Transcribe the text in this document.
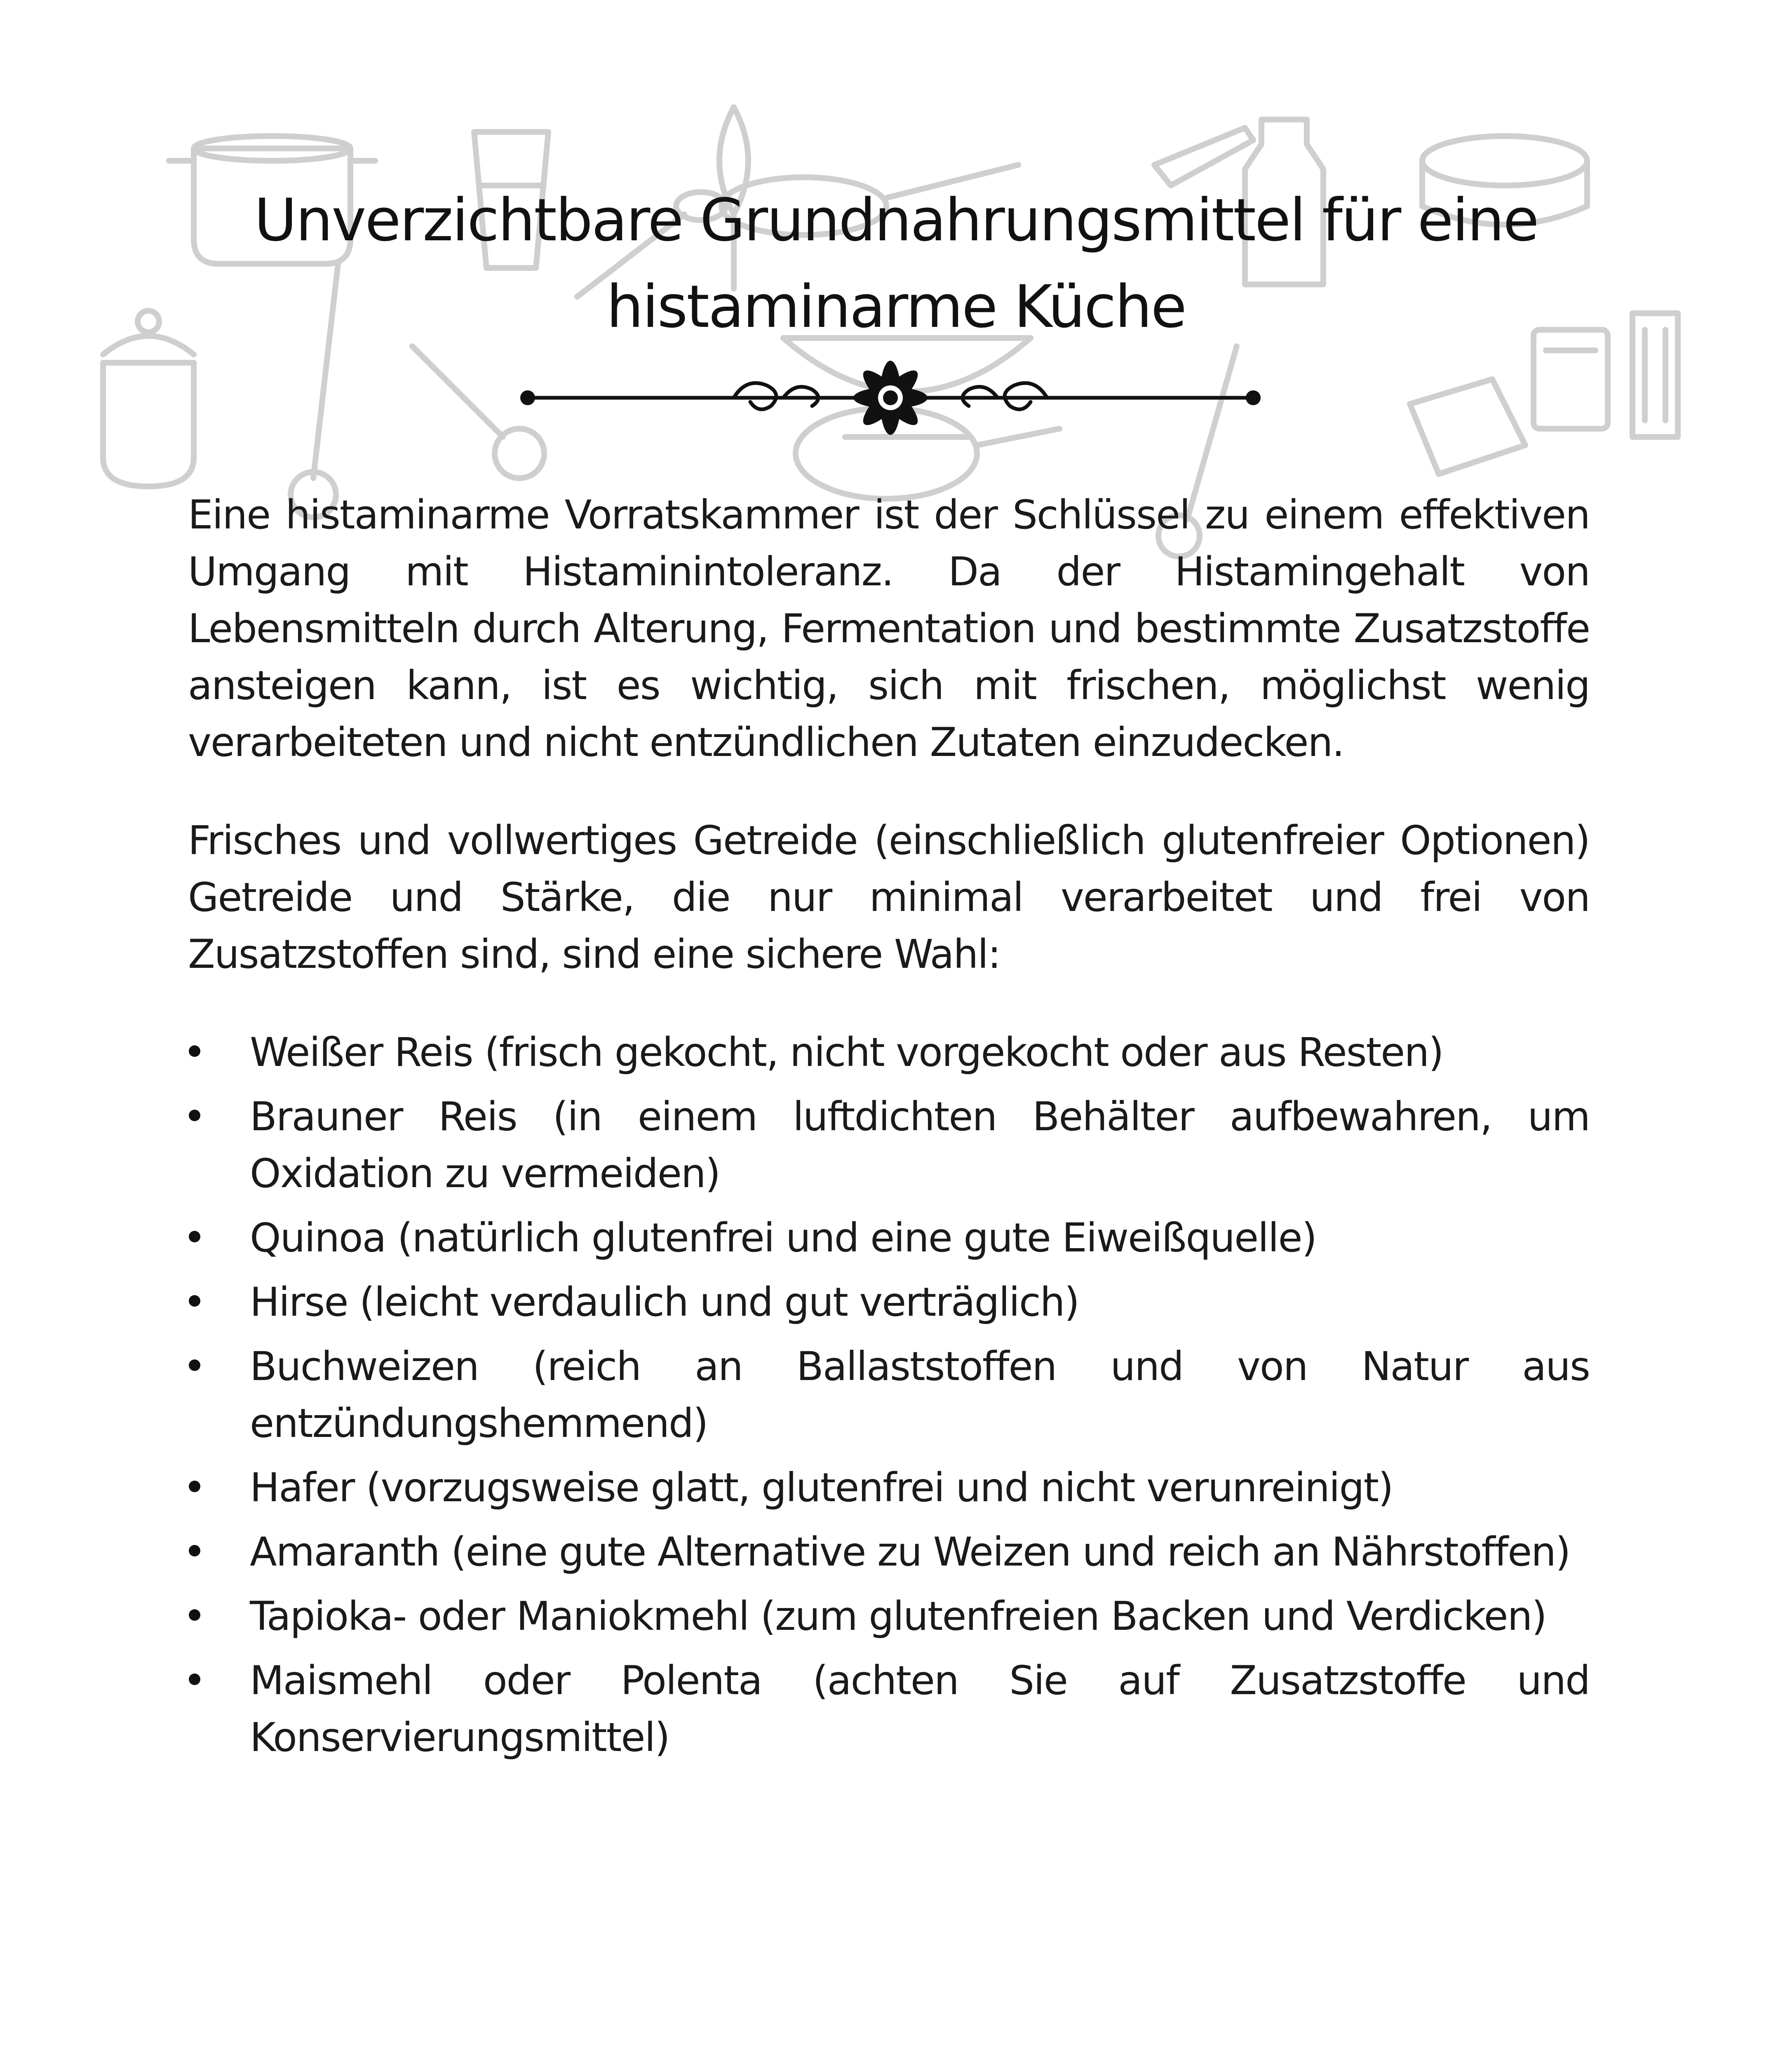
Unverzichtbare Grundnahrungsmittel für eine histaminarme Küche

Eine histaminarme Vorratskammer ist der Schlüssel zu einem effektiven Umgang mit Histaminintoleranz. Da der Histamingehalt von Lebensmitteln durch Alterung, Fermentation und bestimmte Zusatzstoffe ansteigen kann, ist es wichtig, sich mit frischen, möglichst wenig verarbeiteten und nicht entzündlichen Zutaten einzudecken.

Frisches und vollwertiges Getreide (einschließlich glutenfreier Optionen) Getreide und Stärke, die nur minimal verarbeitet und frei von Zusatzstoffen sind, sind eine sichere Wahl:

Weißer Reis (frisch gekocht, nicht vorgekocht oder aus Resten)
Brauner Reis (in einem luftdichten Behälter aufbewahren, um Oxidation zu vermeiden)
Quinoa (natürlich glutenfrei und eine gute Eiweißquelle)
Hirse (leicht verdaulich und gut verträglich)
Buchweizen (reich an Ballaststoffen und von Natur aus entzündungshemmend)
Hafer (vorzugsweise glatt, glutenfrei und nicht verunreinigt)
Amaranth (eine gute Alternative zu Weizen und reich an Nährstoffen)
Tapioka- oder Maniokmehl (zum glutenfreien Backen und Verdicken)
Maismehl oder Polenta (achten Sie auf Zusatzstoffe und Konservierungsmittel)
